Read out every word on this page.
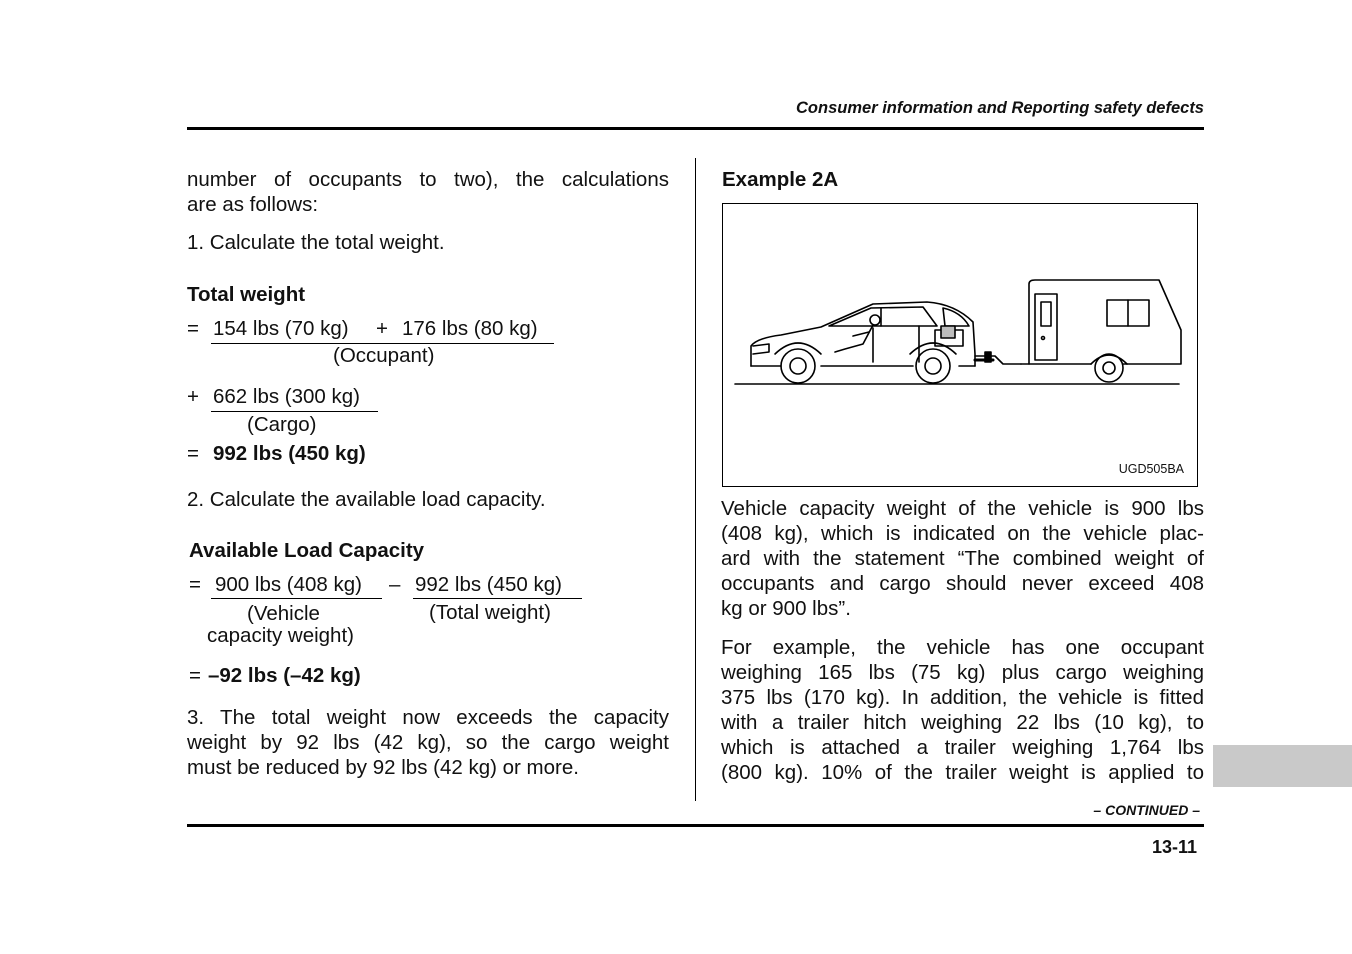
Consumer information and Reporting safety defects
number of occupants to two), the calculations
are as follows:
1. Calculate the total weight.
Total weight
= 154 lbs (70 kg) + 176 lbs (80 kg)
(Occupant)
+ 662 lbs (300 kg)
(Cargo)
= 992 lbs (450 kg)
2. Calculate the available load capacity.
Available Load Capacity
= 900 lbs (408 kg) – 992 lbs (450 kg)
(Vehicle
capacity weight)
(Total weight)
= –92 lbs (–42 kg)
3. The total weight now exceeds the capacity
weight by 92 lbs (42 kg), so the cargo weight
must be reduced by 92 lbs (42 kg) or more.
Example 2A
UGD505BA
Vehicle capacity weight of the vehicle is 900 lbs
(408 kg), which is indicated on the vehicle plac-
ard with the statement “The combined weight of
occupants and cargo should never exceed 408
kg or 900 lbs”.
For example, the vehicle has one occupant
weighing 165 lbs (75 kg) plus cargo weighing
375 lbs (170 kg). In addition, the vehicle is fitted
with a trailer hitch weighing 22 lbs (10 kg), to
which is attached a trailer weighing 1,764 lbs
(800 kg). 10% of the trailer weight is applied to
– CONTINUED –
13-11
